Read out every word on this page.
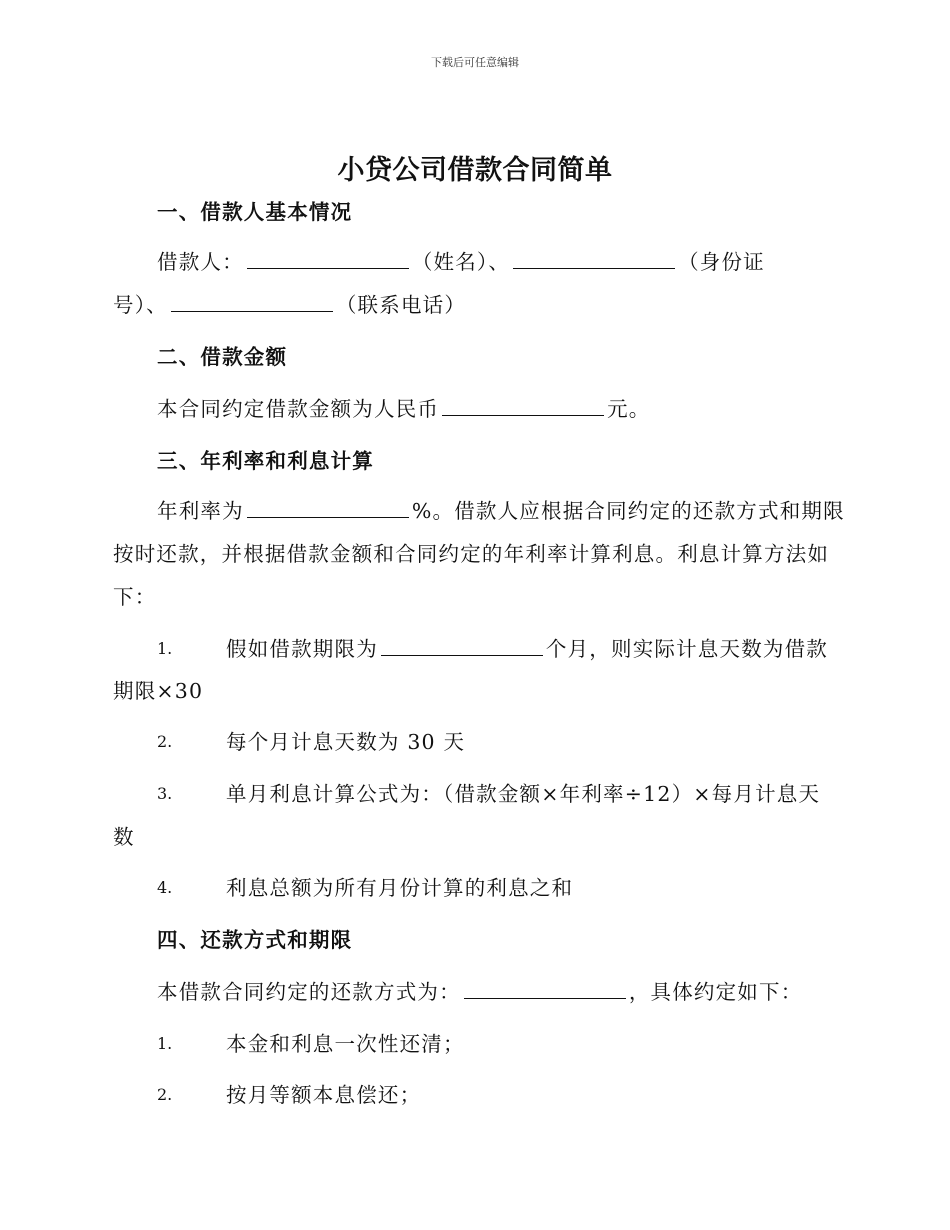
下载后可任意编辑
小贷公司借款合同简单
一、借款人基本情况
借款人：	（姓名）、	（身份证
号）、	（联系电话）
二、借款金额
本合同约定借款金额为人民币	元。
三、年利率和利息计算
年利率为	%。借款人应根据合同约定的还款方式和期限
按时还款，并根据借款金额和合同约定的年利率计算利息。利息计算方法如
下：
1.	假如借款期限为	个月，则实际计息天数为借款
期限×30
2.	每个月计息天数为 30 天
3.	单月利息计算公式为：（借款金额×年利率÷12）×每月计息天
数
4.	利息总额为所有月份计算的利息之和
四、还款方式和期限
本借款合同约定的还款方式为：	，具体约定如下：
1.	本金和利息一次性还清；
2.	按月等额本息偿还；
